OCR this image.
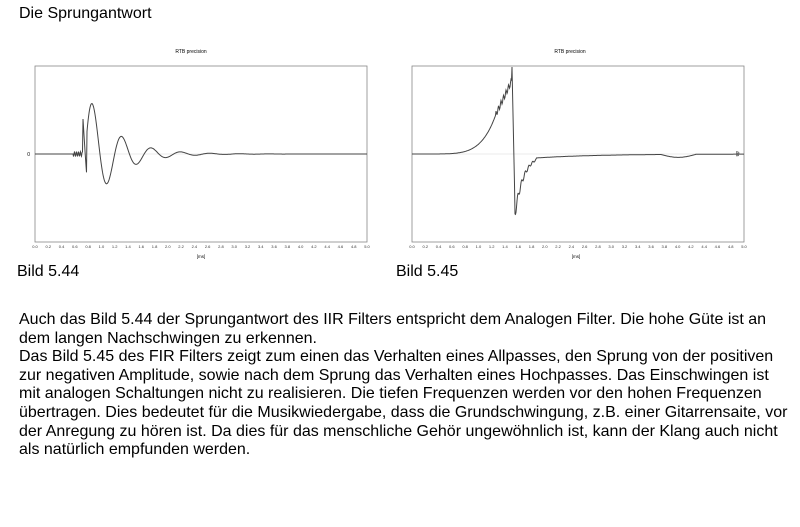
Die Sprungantwort
RTB precision
0
0.0 0.2 0.4 0.6 0.8 1.0 1.2 1.4 1.6 1.8 2.0 2.2 2.4 2.6 2.8 3.0 3.2 3.4 3.6 3.8 4.0 4.2 4.4 4.6 4.8 5.0
[ms]
Bild 5.44
RTB precision
dB
0.0 0.2 0.4 0.6 0.8 1.0 1.2 1.4 1.6 1.8 2.0 2.2 2.4 2.6 2.8 3.0 3.2 3.4 3.6 3.8 4.0 4.2 4.4 4.6 4.8 5.0
[ms]
Bild 5.45

Auch das Bild 5.44 der Sprungantwort des IIR Filters entspricht dem Analogen Filter. Die hohe Güte ist an dem langen Nachschwingen zu erkennen.

Das Bild 5.45 des FIR Filters zeigt zum einen das Verhalten eines Allpasses, den Sprung von der positiven zur negativen Amplitude, sowie nach dem Sprung das Verhalten eines Hochpasses. Das Einschwingen ist mit analogen Schaltungen nicht zu realisieren. Die tiefen Frequenzen werden vor den hohen Frequenzen übertragen. Dies bedeutet für die Musikwiedergabe, dass die Grundschwingung, z.B. einer Gitarrensaite, vor der Anregung zu hören ist. Da dies für das menschliche Gehör ungewöhnlich ist, kann der Klang auch nicht als natürlich empfunden werden.
